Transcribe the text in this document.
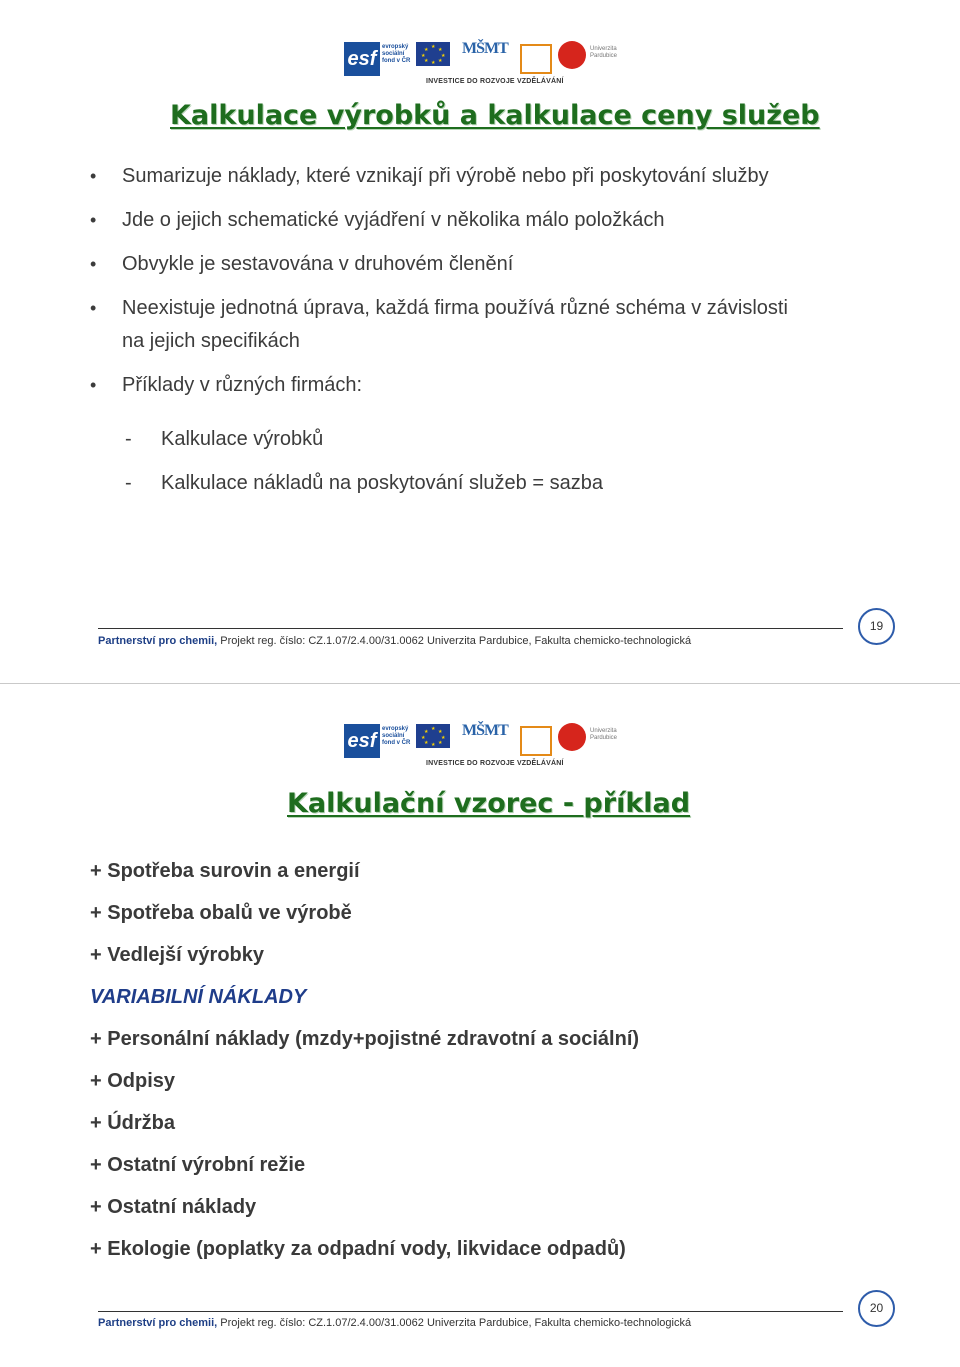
esf
evropský sociální fond v ČR
★ ★
★
★
★
★
★
★ MŠMT	Univerzita Pardubice
INVESTICE DO ROZVOJE VZDĚLÁVÁNÍ
Kalkulace výrobků a kalkulace ceny služeb
• Sumarizuje náklady, které vznikají při výrobě nebo při poskytování služby
• Jde o jejich schematické vyjádření v několika málo položkách
• Obvykle je sestavována v druhovém členění
• Neexistuje jednotná úprava, každá firma používá různé schéma v závislosti
na jejich specifikách
• Příklady v různých firmách:
- Kalkulace výrobků
- Kalkulace nákladů na poskytování služeb = sazba
Partnerství pro chemii, Projekt reg. číslo: CZ.1.07/2.4.00/31.0062 Univerzita Pardubice, Fakulta chemicko-technologická
19
esf
evropský sociální fond v ČR
★ ★
★
★
★
★
★
★ MŠMT	Univerzita Pardubice
INVESTICE DO ROZVOJE VZDĚLÁVÁNÍ
Kalkulační vzorec - příklad
+ Spotřeba surovin a energií
+ Spotřeba obalů ve výrobě
+ Vedlejší výrobky
VARIABILNÍ NÁKLADY
+ Personální náklady (mzdy+pojistné zdravotní a sociální)
+ Odpisy
+ Údržba
+ Ostatní výrobní režie
+ Ostatní náklady
+ Ekologie (poplatky za odpadní vody, likvidace odpadů)
Partnerství pro chemii, Projekt reg. číslo: CZ.1.07/2.4.00/31.0062 Univerzita Pardubice, Fakulta chemicko-technologická
20
